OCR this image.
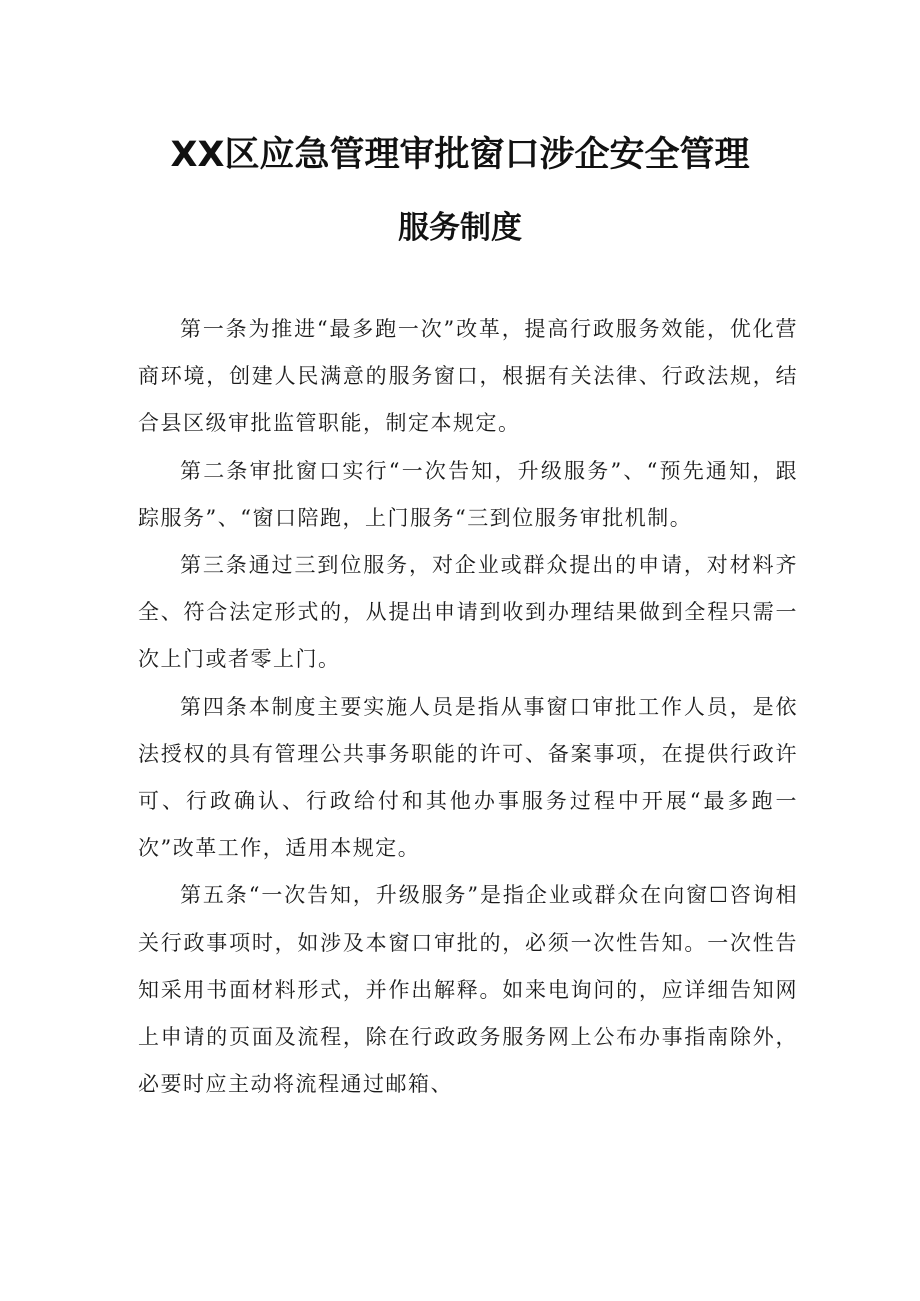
XX区应急管理审批窗口涉企安全管理
服务制度

第一条为推进“最多跑一次”改革，提高行政服务效能，优化营商环境，创建人民满意的服务窗口，根据有关法律、行政法规，结合县区级审批监管职能，制定本规定。

第二条审批窗口实行“一次告知，升级服务”、“预先通知，跟踪服务”、“窗口陪跑，上门服务“三到位服务审批机制。

第三条通过三到位服务，对企业或群众提出的申请，对材料齐全、符合法定形式的，从提出申请到收到办理结果做到全程只需一次上门或者零上门。

第四条本制度主要实施人员是指从事窗口审批工作人员，是依法授权的具有管理公共事务职能的许可、备案事项，在提供行政许可、行政确认、行政给付和其他办事服务过程中开展“最多跑一次”改革工作，适用本规定。

第五条“一次告知，升级服务”是指企业或群众在向窗☐咨询相关行政事项时，如涉及本窗口审批的，必须一次性告知。一次性告知采用书面材料形式，并作出解释。如来电询问的，应详细告知网上申请的页面及流程，除在行政政务服务网上公布办事指南除外，必要时应主动将流程通过邮箱、
